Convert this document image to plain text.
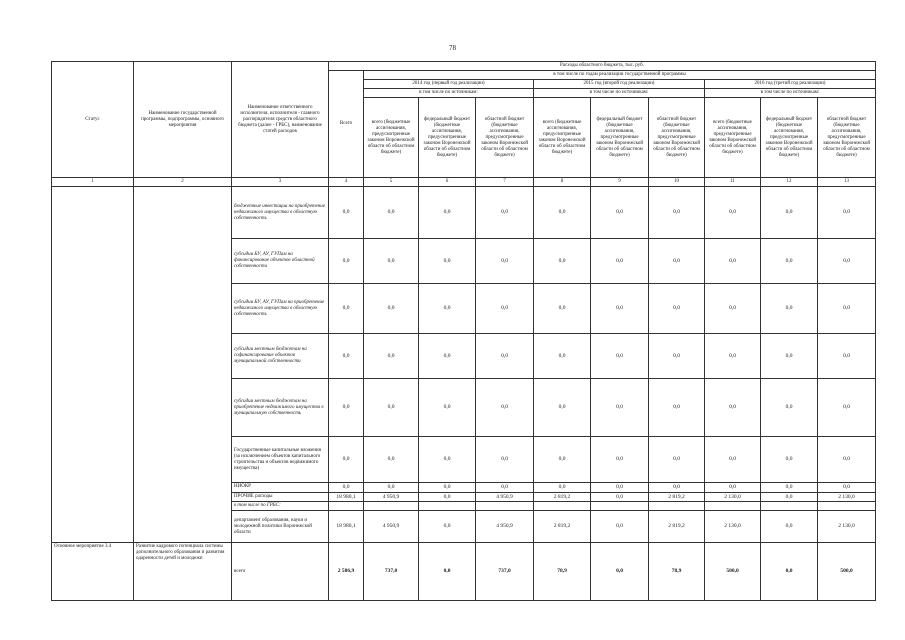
78
Статус	Наименование государственной программы, подпрограммы, основного мероприятия	Наименование ответственного исполнителя, исполнителя - главного распорядителя средств областного бюджета (далее - ГРБС), наименование статей расходов	Расходы областного бюджета, тыс. руб.									
			Всего	в том числе по годам реализации государственной программы								
				2014 год (первый год реализации)			2015 год (второй год реализации)			2016 год (третий год реализации)		
				в том числе по источникам:			в том числе по источникам:			в том числе по источникам:		
				всего (бюджетные ассигнования, предусмотренные законом Воронежской области об областном бюджете)	федеральный бюджет (бюджетные ассигнования, предусмотренные законом Воронежской области об областном бюджете)	областной бюджет (бюджетные ассигнования, предусмотренные законом Воронежской области об областном бюджете)	всего (бюджетные ассигнования, предусмотренные законом Воронежской области об областном бюджете)	федеральный бюджет (бюджетные ассигнования, предусмотренные законом Воронежской области об областном бюджете)	областной бюджет (бюджетные ассигнования, предусмотренные законом Воронежской области об областном бюджете)	всего (бюджетные ассигнования, предусмотренные законом Воронежской области об областном бюджете)	федеральный бюджет (бюджетные ассигнования, предусмотренные законом Воронежской области об областном бюджете)	областной бюджет (бюджетные ассигнования, предусмотренные законом Воронежской области об областном бюджете)
1	2	3	4	5	6	7	8	9	10	11	12	13
		бюджетные инвестиции на приобретение недвижимого имущества в областную собственность	0,0	0,0	0,0	0,0	0,0	0,0	0,0	0,0	0,0	0,0
		субсидии БУ, АУ, ГУПам на финансирование объектов областной собственности	0,0	0,0	0,0	0,0	0,0	0,0	0,0	0,0	0,0	0,0
		субсидии БУ, АУ, ГУПам на приобретение недвижимого имущества в областную собственность	0,0	0,0	0,0	0,0	0,0	0,0	0,0	0,0	0,0	0,0
		субсидии местным бюджетам на софинансирование объектов муниципальной собственности	0,0	0,0	0,0	0,0	0,0	0,0	0,0	0,0	0,0	0,0
		субсидии местным бюджетам на приобретение недвижимого имущества в муниципальную собственность	0,0	0,0	0,0	0,0	0,0	0,0	0,0	0,0	0,0	0,0
		Государственные капитальные вложения (за исключением объектов капитального строительства и объектов недвижимого имущества)	0,0	0,0	0,0	0,0	0,0	0,0	0,0	0,0	0,0	0,0
		НИОКР	0,0	0,0	0,0	0,0	0,0	0,0	0,0	0,0	0,0	0,0
		ПРОЧИЕ расходы	18 980,1	4 950,9	0,0	4 950,9	2 819,2	0,0	2 819,2	2 130,0	0,0	2 130,0
		в том числе по ГРБС:										
		департамент образования, науки и молодежной политики Воронежской области	18 980,1	4 950,9	0,0	4 950,9	2 819,2	0,0	2 819,2	2 130,0	0,0	2 130,0
Основное мероприятие 3.4	Развитие кадрового потенциала системы дополнительного образования и развития одаренности детей и молодежи	всего	2 586,9	737,0	0,0	737,0	78,9	0,0	78,9	500,0	0,0	500,0
